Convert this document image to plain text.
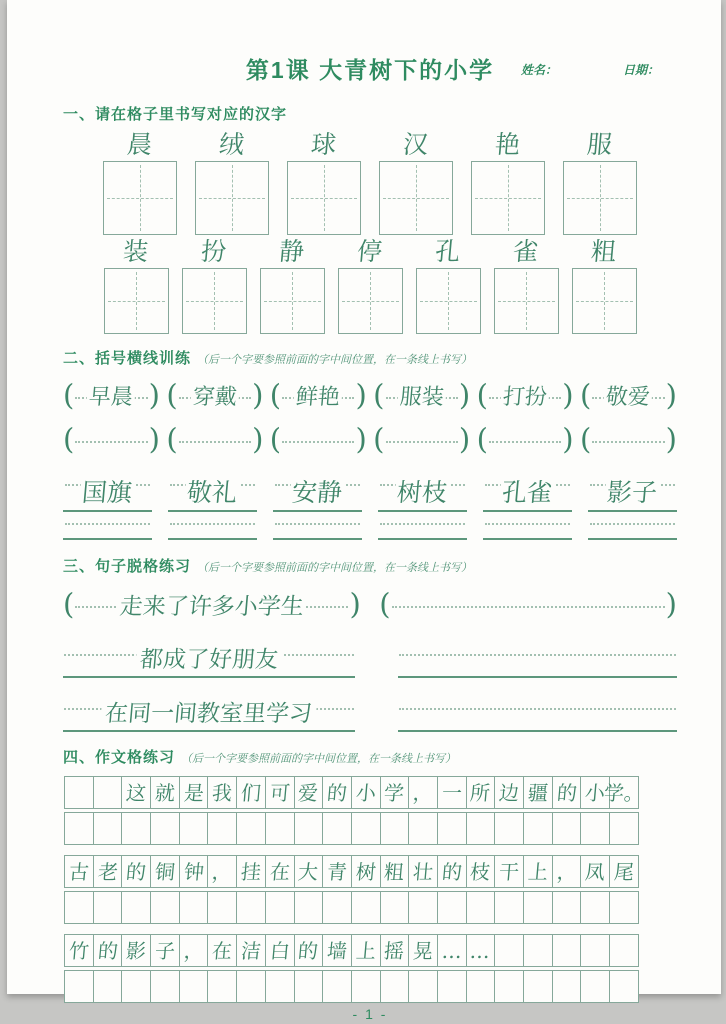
第1课 大青树下的小学	姓名：	日期：
一、请在格子里书写对应的汉字
晨	绒	球	汉	艳	服
装 扮 静 停 孔 雀 粗
二、括号横线训练 （后一个字要参照前面的字中间位置，在一条线上书写）
( 早晨 ) ( 穿戴 ) ( 鲜艳 ) ( 服装 ) ( 打扮 ) ( 敬爱 )
(	) (	) (	) (	) (	) (	)
国旗 敬礼 安静 树枝 孔雀 影子
三、句子脱格练习 （后一个字要参照前面的字中间位置，在一条线上书写）
( 走来了许多小学生 ) (	)
都成了好朋友
在同一间教室里学习
四、作文格练习 （后一个字要参照前面的字中间位置，在一条线上书写）
这 就 是 我 们 可 爱 的 小 学 ， 一 所 边 疆 的 小
学。
古 老 的 铜 钟 ， 挂 在 大 青 树 粗 壮 的 枝 干 上 ， 凤 尾
竹 的 影 子 ， 在 洁 白 的 墙 上 摇 晃 … …
- 1 -
